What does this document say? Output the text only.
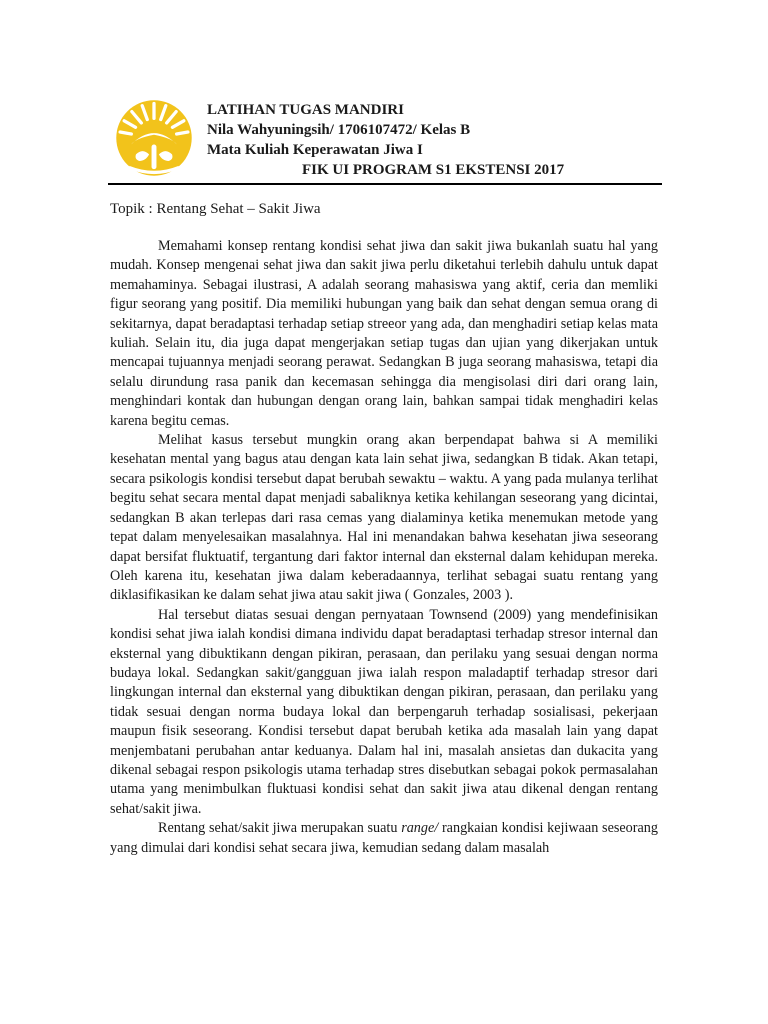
LATIHAN TUGAS MANDIRI
Nila Wahyuningsih/ 1706107472/ Kelas B
Mata Kuliah Keperawatan Jiwa I
FIK UI PROGRAM S1 EKSTENSI 2017
Topik : Rentang Sehat – Sakit Jiwa

Memahami konsep rentang kondisi sehat jiwa dan sakit jiwa bukanlah suatu hal yang mudah. Konsep mengenai sehat jiwa dan sakit jiwa perlu diketahui terlebih dahulu untuk dapat memahaminya. Sebagai ilustrasi, A adalah seorang mahasiswa yang aktif, ceria dan memliki figur seorang yang positif. Dia memiliki hubungan yang baik dan sehat dengan semua orang di sekitarnya, dapat beradaptasi terhadap setiap streeor yang ada, dan menghadiri setiap kelas mata kuliah. Selain itu, dia juga dapat mengerjakan setiap tugas dan ujian yang dikerjakan untuk mencapai tujuannya menjadi seorang perawat. Sedangkan B juga seorang mahasiswa, tetapi dia selalu dirundung rasa panik dan kecemasan sehingga dia mengisolasi diri dari orang lain, menghindari kontak dan hubungan dengan orang lain, bahkan sampai tidak menghadiri kelas karena begitu cemas.

Melihat kasus tersebut mungkin orang akan berpendapat bahwa si A memiliki kesehatan mental yang bagus atau dengan kata lain sehat jiwa, sedangkan B tidak. Akan tetapi, secara psikologis kondisi tersebut dapat berubah sewaktu – waktu. A yang pada mulanya terlihat begitu sehat secara mental dapat menjadi sabaliknya ketika kehilangan seseorang yang dicintai, sedangkan B akan terlepas dari rasa cemas yang dialaminya ketika menemukan metode yang tepat dalam menyelesaikan masalahnya. Hal ini menandakan bahwa kesehatan jiwa seseorang dapat bersifat fluktuatif, tergantung dari faktor internal dan eksternal dalam kehidupan mereka. Oleh karena itu, kesehatan jiwa dalam keberadaannya, terlihat sebagai suatu rentang yang diklasifikasikan ke dalam sehat jiwa atau sakit jiwa ( Gonzales, 2003 ).

Hal tersebut diatas sesuai dengan pernyataan Townsend (2009) yang mendefinisikan kondisi sehat jiwa ialah kondisi dimana individu dapat beradaptasi terhadap stresor internal dan eksternal yang dibuktikann dengan pikiran, perasaan, dan perilaku yang sesuai dengan norma budaya lokal. Sedangkan sakit/gangguan jiwa ialah respon maladaptif terhadap stresor dari lingkungan internal dan eksternal yang dibuktikan dengan pikiran, perasaan, dan perilaku yang tidak sesuai dengan norma budaya lokal dan berpengaruh terhadap sosialisasi, pekerjaan maupun fisik seseorang. Kondisi tersebut dapat berubah ketika ada masalah lain yang dapat menjembatani perubahan antar keduanya. Dalam hal ini, masalah ansietas dan dukacita yang dikenal sebagai respon psikologis utama terhadap stres disebutkan sebagai pokok permasalahan utama yang menimbulkan fluktuasi kondisi sehat dan sakit jiwa atau dikenal dengan rentang sehat/sakit jiwa.

Rentang sehat/sakit jiwa merupakan suatu range/ rangkaian kondisi kejiwaan seseorang yang dimulai dari kondisi sehat secara jiwa, kemudian sedang dalam masalah
